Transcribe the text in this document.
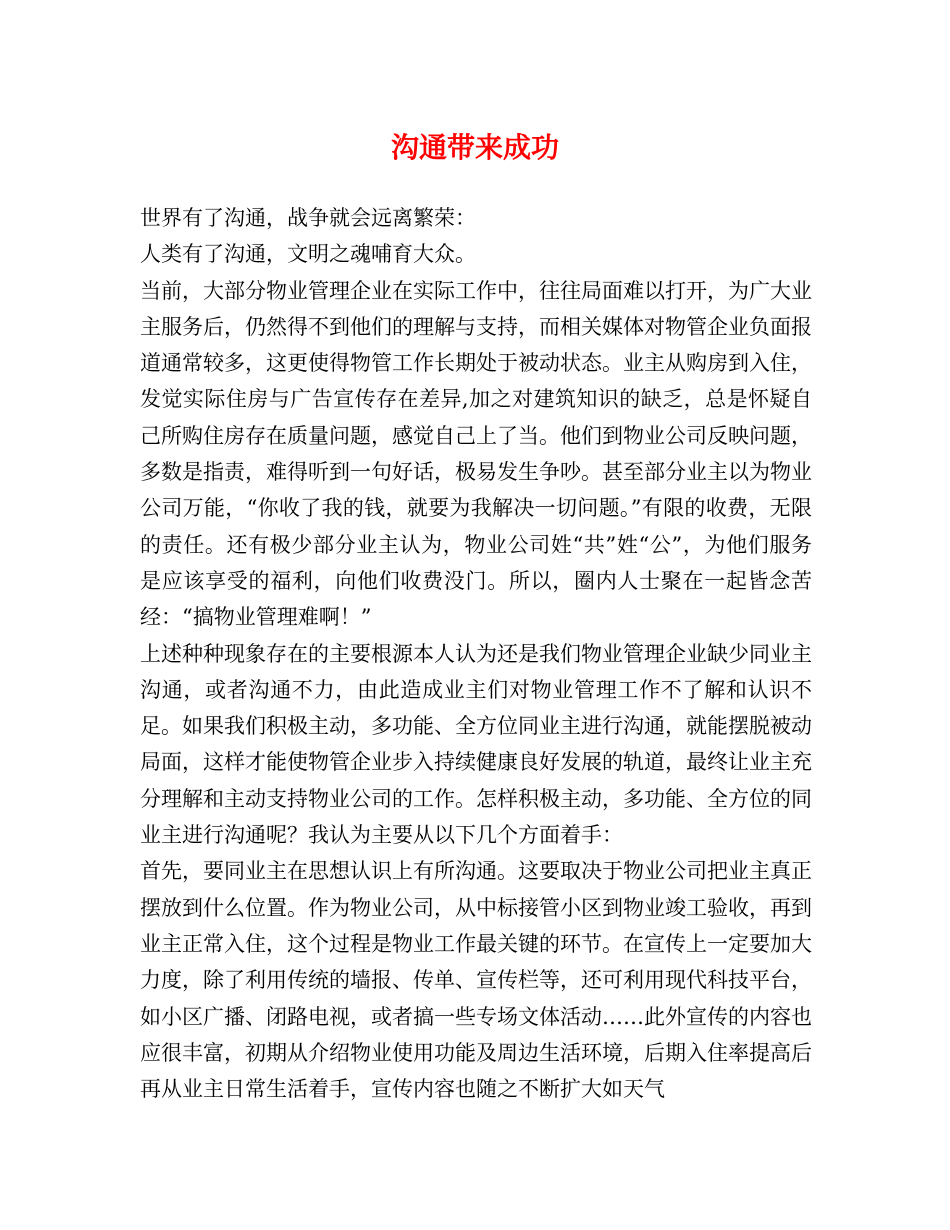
沟通带来成功

世界有了沟通，战争就会远离繁荣：

人类有了沟通，文明之魂哺育大众。

当前，大部分物业管理企业在实际工作中，往往局面难以打开，为广大业主服务后，仍然得不到他们的理解与支持，而相关媒体对物管企业负面报道通常较多，这更使得物管工作长期处于被动状态。业主从购房到入住，发觉实际住房与广告宣传存在差异,加之对建筑知识的缺乏，总是怀疑自己所购住房存在质量问题，感觉自己上了当。他们到物业公司反映问题，多数是指责，难得听到一句好话，极易发生争吵。甚至部分业主以为物业公司万能，“你收了我的钱，就要为我解决一切问题。”有限的收费，无限的责任。还有极少部分业主认为，物业公司姓“共”姓“公”，为他们服务是应该享受的福利，向他们收费没门。所以，圈内人士聚在一起皆念苦经：“搞物业管理难啊！”

上述种种现象存在的主要根源本人认为还是我们物业管理企业缺少同业主沟通，或者沟通不力，由此造成业主们对物业管理工作不了解和认识不足。如果我们积极主动，多功能、全方位同业主进行沟通，就能摆脱被动局面，这样才能使物管企业步入持续健康良好发展的轨道，最终让业主充分理解和主动支持物业公司的工作。怎样积极主动，多功能、全方位的同业主进行沟通呢？我认为主要从以下几个方面着手：

首先，要同业主在思想认识上有所沟通。这要取决于物业公司把业主真正摆放到什么位置。作为物业公司，从中标接管小区到物业竣工验收，再到业主正常入住，这个过程是物业工作最关键的环节。在宣传上一定要加大力度，除了利用传统的墙报、传单、宣传栏等，还可利用现代科技平台，如小区广播、闭路电视，或者搞一些专场文体活动……此外宣传的内容也应很丰富，初期从介绍物业使用功能及周边生活环境，后期入住率提高后再从业主日常生活着手，宣传内容也随之不断扩大如天气
